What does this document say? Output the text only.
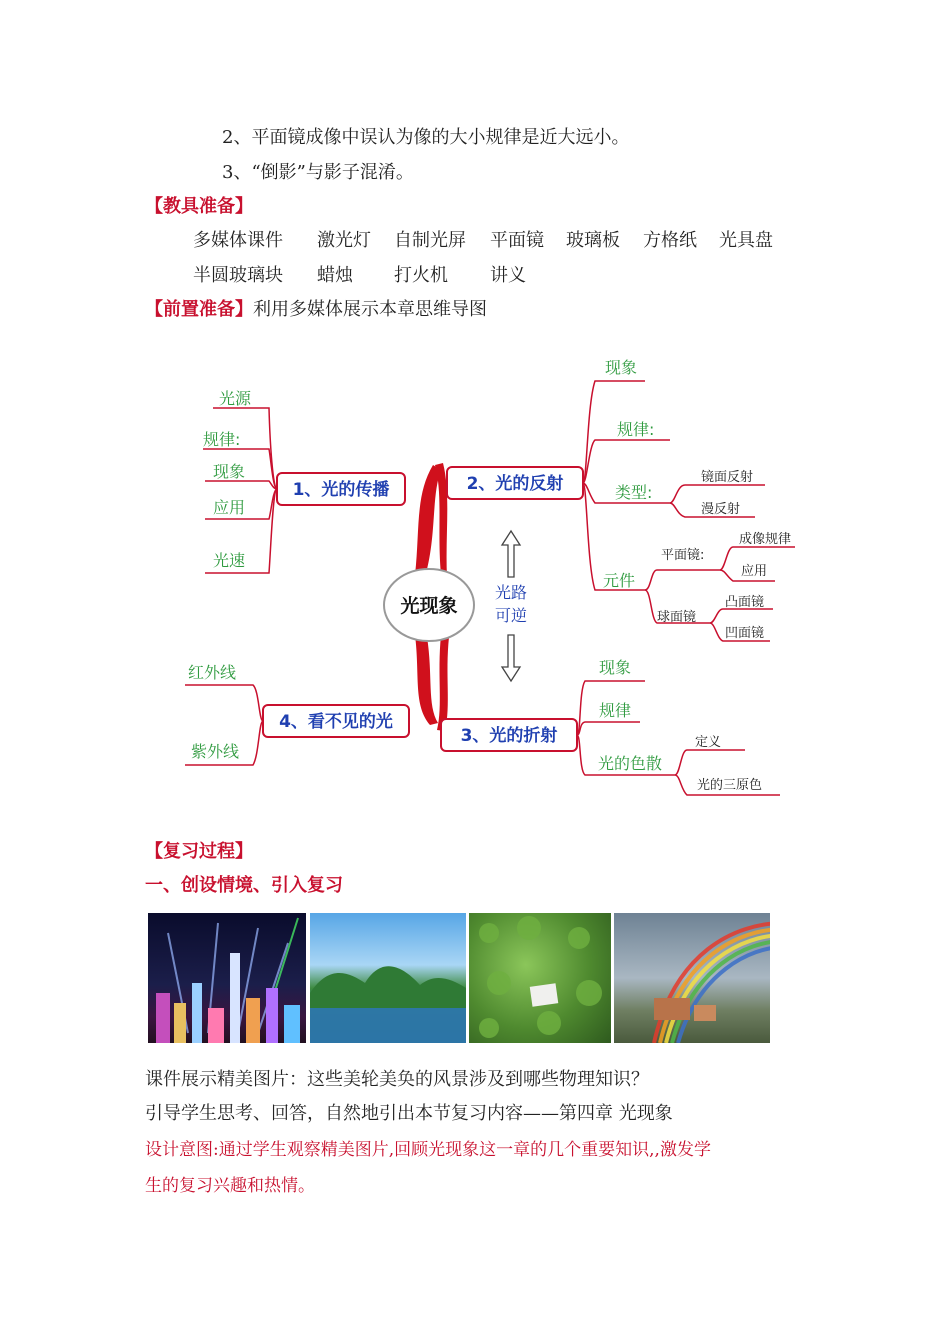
2、平面镜成像中误认为像的大小规律是近大远小。
3、“倒影”与影子混淆。
【教具准备】
多媒体课件 激光灯 自制光屏 平面镜 玻璃板 方格纸 光具盘
半圆玻璃块 蜡烛 打火机 讲义
【前置准备】利用多媒体展示本章思维导图
光现象
光路
可逆
1、光的传播
光源
规律:
现象
应用
光速
2、光的反射
现象
规律:
类型:
元件
镜面反射
漫反射
平面镜:
成像规律
应用
球面镜
凸面镜
凹面镜
3、光的折射
现象
规律
光的色散
定义
光的三原色
4、看不见的光
红外线
紫外线
【复习过程】
一、创设情境、引入复习
课件展示精美图片：这些美轮美奂的风景涉及到哪些物理知识？
引导学生思考、回答，自然地引出本节复习内容——第四章 光现象
设计意图:通过学生观察精美图片,回顾光现象这一章的几个重要知识,,激发学
生的复习兴趣和热情。
